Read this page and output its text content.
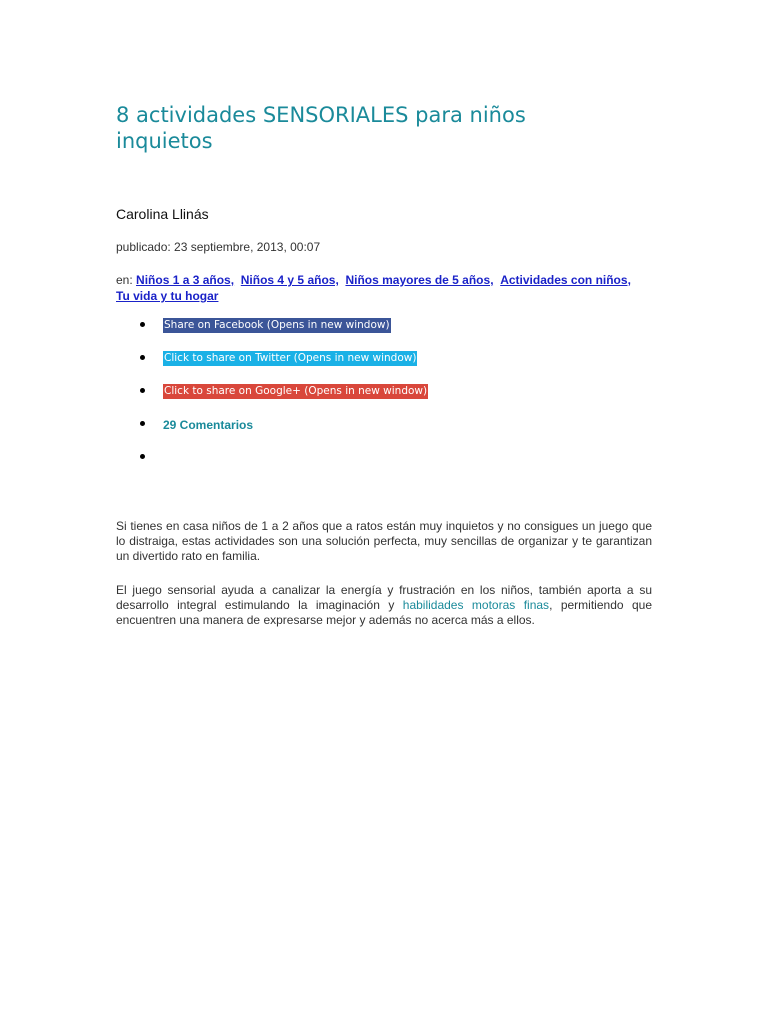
8 actividades SENSORIALES para niños inquietos

Carolina Llinás

publicado: 23 septiembre, 2013, 00:07

en: Niños 1 a 3 años, Niños 4 y 5 años, Niños mayores de 5 años, Actividades con niños,  Tu vida y tu hogar

Share on Facebook (Opens in new window)
Click to share on Twitter (Opens in new window)
Click to share on Google+ (Opens in new window)
29 Comentarios

Si tienes en casa niños de 1 a 2 años que a ratos están muy inquietos y no consigues un juego que lo distraiga, estas actividades son una solución perfecta, muy sencillas de organizar y te garantizan un divertido rato en familia.

El juego sensorial ayuda a canalizar la energía y frustración en los niños, también aporta a su desarrollo integral estimulando la imaginación y habilidades motoras finas, permitiendo que encuentren una manera de expresarse mejor y además no acerca más a ellos.
